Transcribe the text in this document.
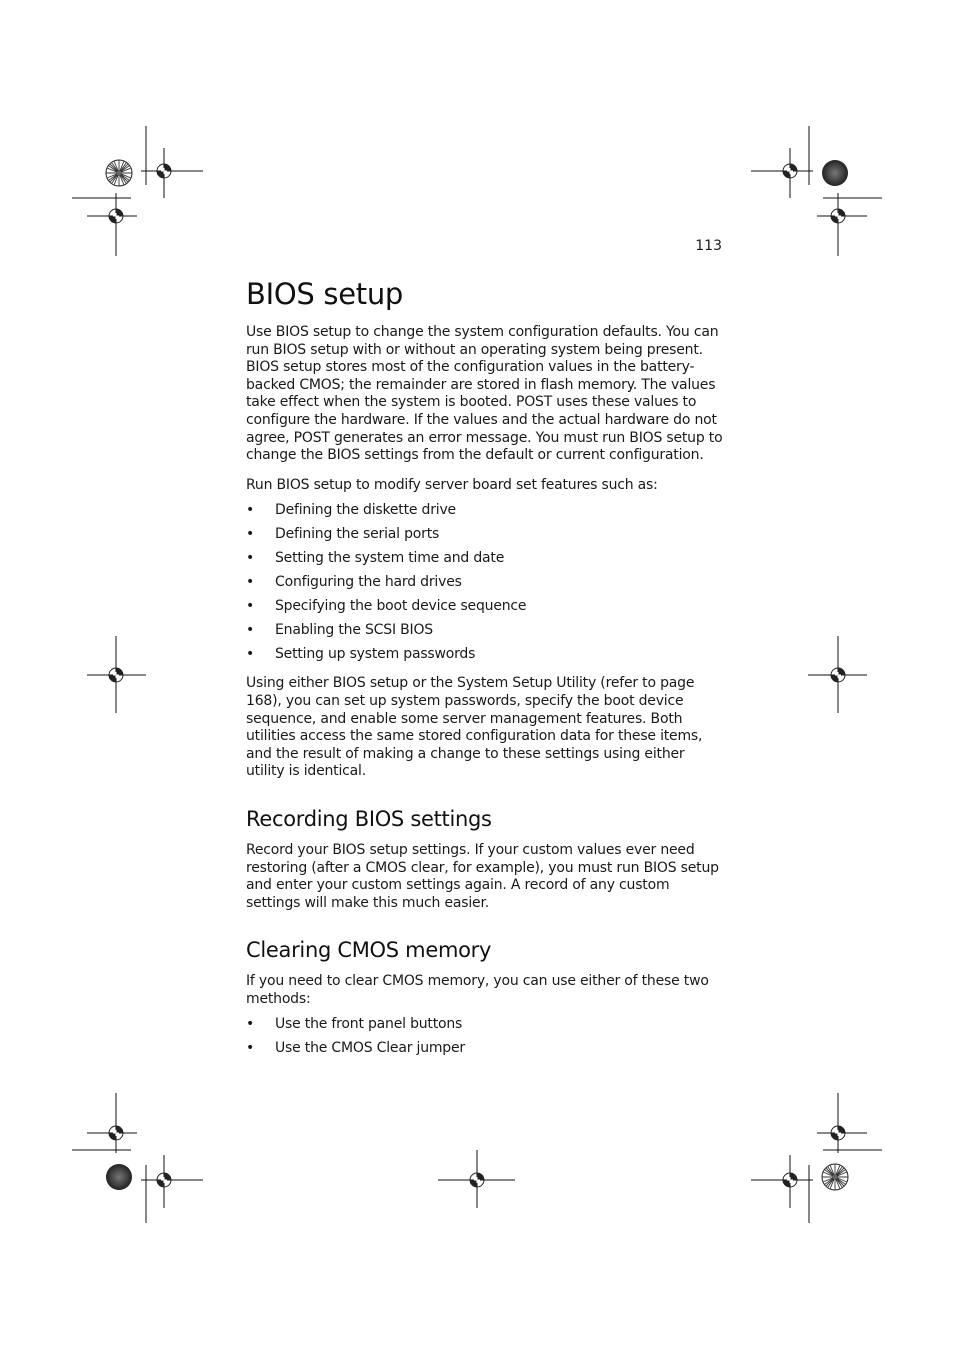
113
BIOS setup

Use BIOS setup to change the system configuration defaults. You can run BIOS setup with or without an operating system being present. BIOS setup stores most of the configuration values in the battery-backed CMOS; the remainder are stored in flash memory. The values take effect when the system is booted. POST uses these values to configure the hardware. If the values and the actual hardware do not agree, POST generates an error message. You must run BIOS setup to change the BIOS settings from the default or current configuration.

Run BIOS setup to modify server board set features such as:

• Defining the diskette drive
• Defining the serial ports
• Setting the system time and date
• Configuring the hard drives
• Specifying the boot device sequence
• Enabling the SCSI BIOS
• Setting up system passwords

Using either BIOS setup or the System Setup Utility (refer to page 168), you can set up system passwords, specify the boot device sequence, and enable some server management features. Both utilities access the same stored configuration data for these items, and the result of making a change to these settings using either utility is identical.

Recording BIOS settings

Record your BIOS setup settings. If your custom values ever need restoring (after a CMOS clear, for example), you must run BIOS setup and enter your custom settings again. A record of any custom settings will make this much easier.

Clearing CMOS memory

If you need to clear CMOS memory, you can use either of these two methods:

• Use the front panel buttons
• Use the CMOS Clear jumper
